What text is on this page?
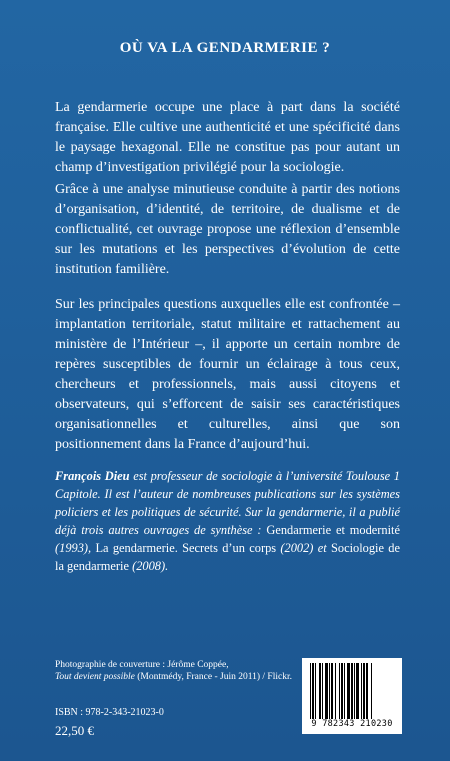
OÙ VA LA GENDARMERIE ?

La gendarmerie occupe une place à part dans la société française. Elle cultive une authenticité et une spécificité dans le paysage hexagonal. Elle ne constitue pas pour autant un champ d’investigation privilégié pour la sociologie.

Grâce à une analyse minutieuse conduite à partir des notions d’organisation, d’identité, de territoire, de dualisme et de conflictualité, cet ouvrage propose une réflexion d’ensemble sur les mutations et les perspectives d’évolution de cette institution familière.

Sur les principales questions auxquelles elle est confrontée – implantation territoriale, statut militaire et rattachement au ministère de l’Intérieur –, il apporte un certain nombre de repères susceptibles de fournir un éclairage à tous ceux, chercheurs et professionnels, mais aussi citoyens et observateurs, qui s’efforcent de saisir ses caractéristiques organisationnelles et culturelles, ainsi que son positionnement dans la France d’aujourd’hui.

François Dieu est professeur de sociologie à l’université Toulouse 1 Capitole. Il est l’auteur de nombreuses publications sur les systèmes policiers et les politiques de sécurité. Sur la gendarmerie, il a publié déjà trois autres ouvrages de synthèse : Gendarmerie et modernité (1993), La gendarmerie. Secrets d’un corps (2002) et Sociologie de la gendarmerie (2008).

Photographie de couverture : Jérôme Coppée,
Tout devient possible (Montmédy, France - Juin 2011) / Flickr.
ISBN : 978-2-343-21023-0
22,50 €	9 782343 210230
